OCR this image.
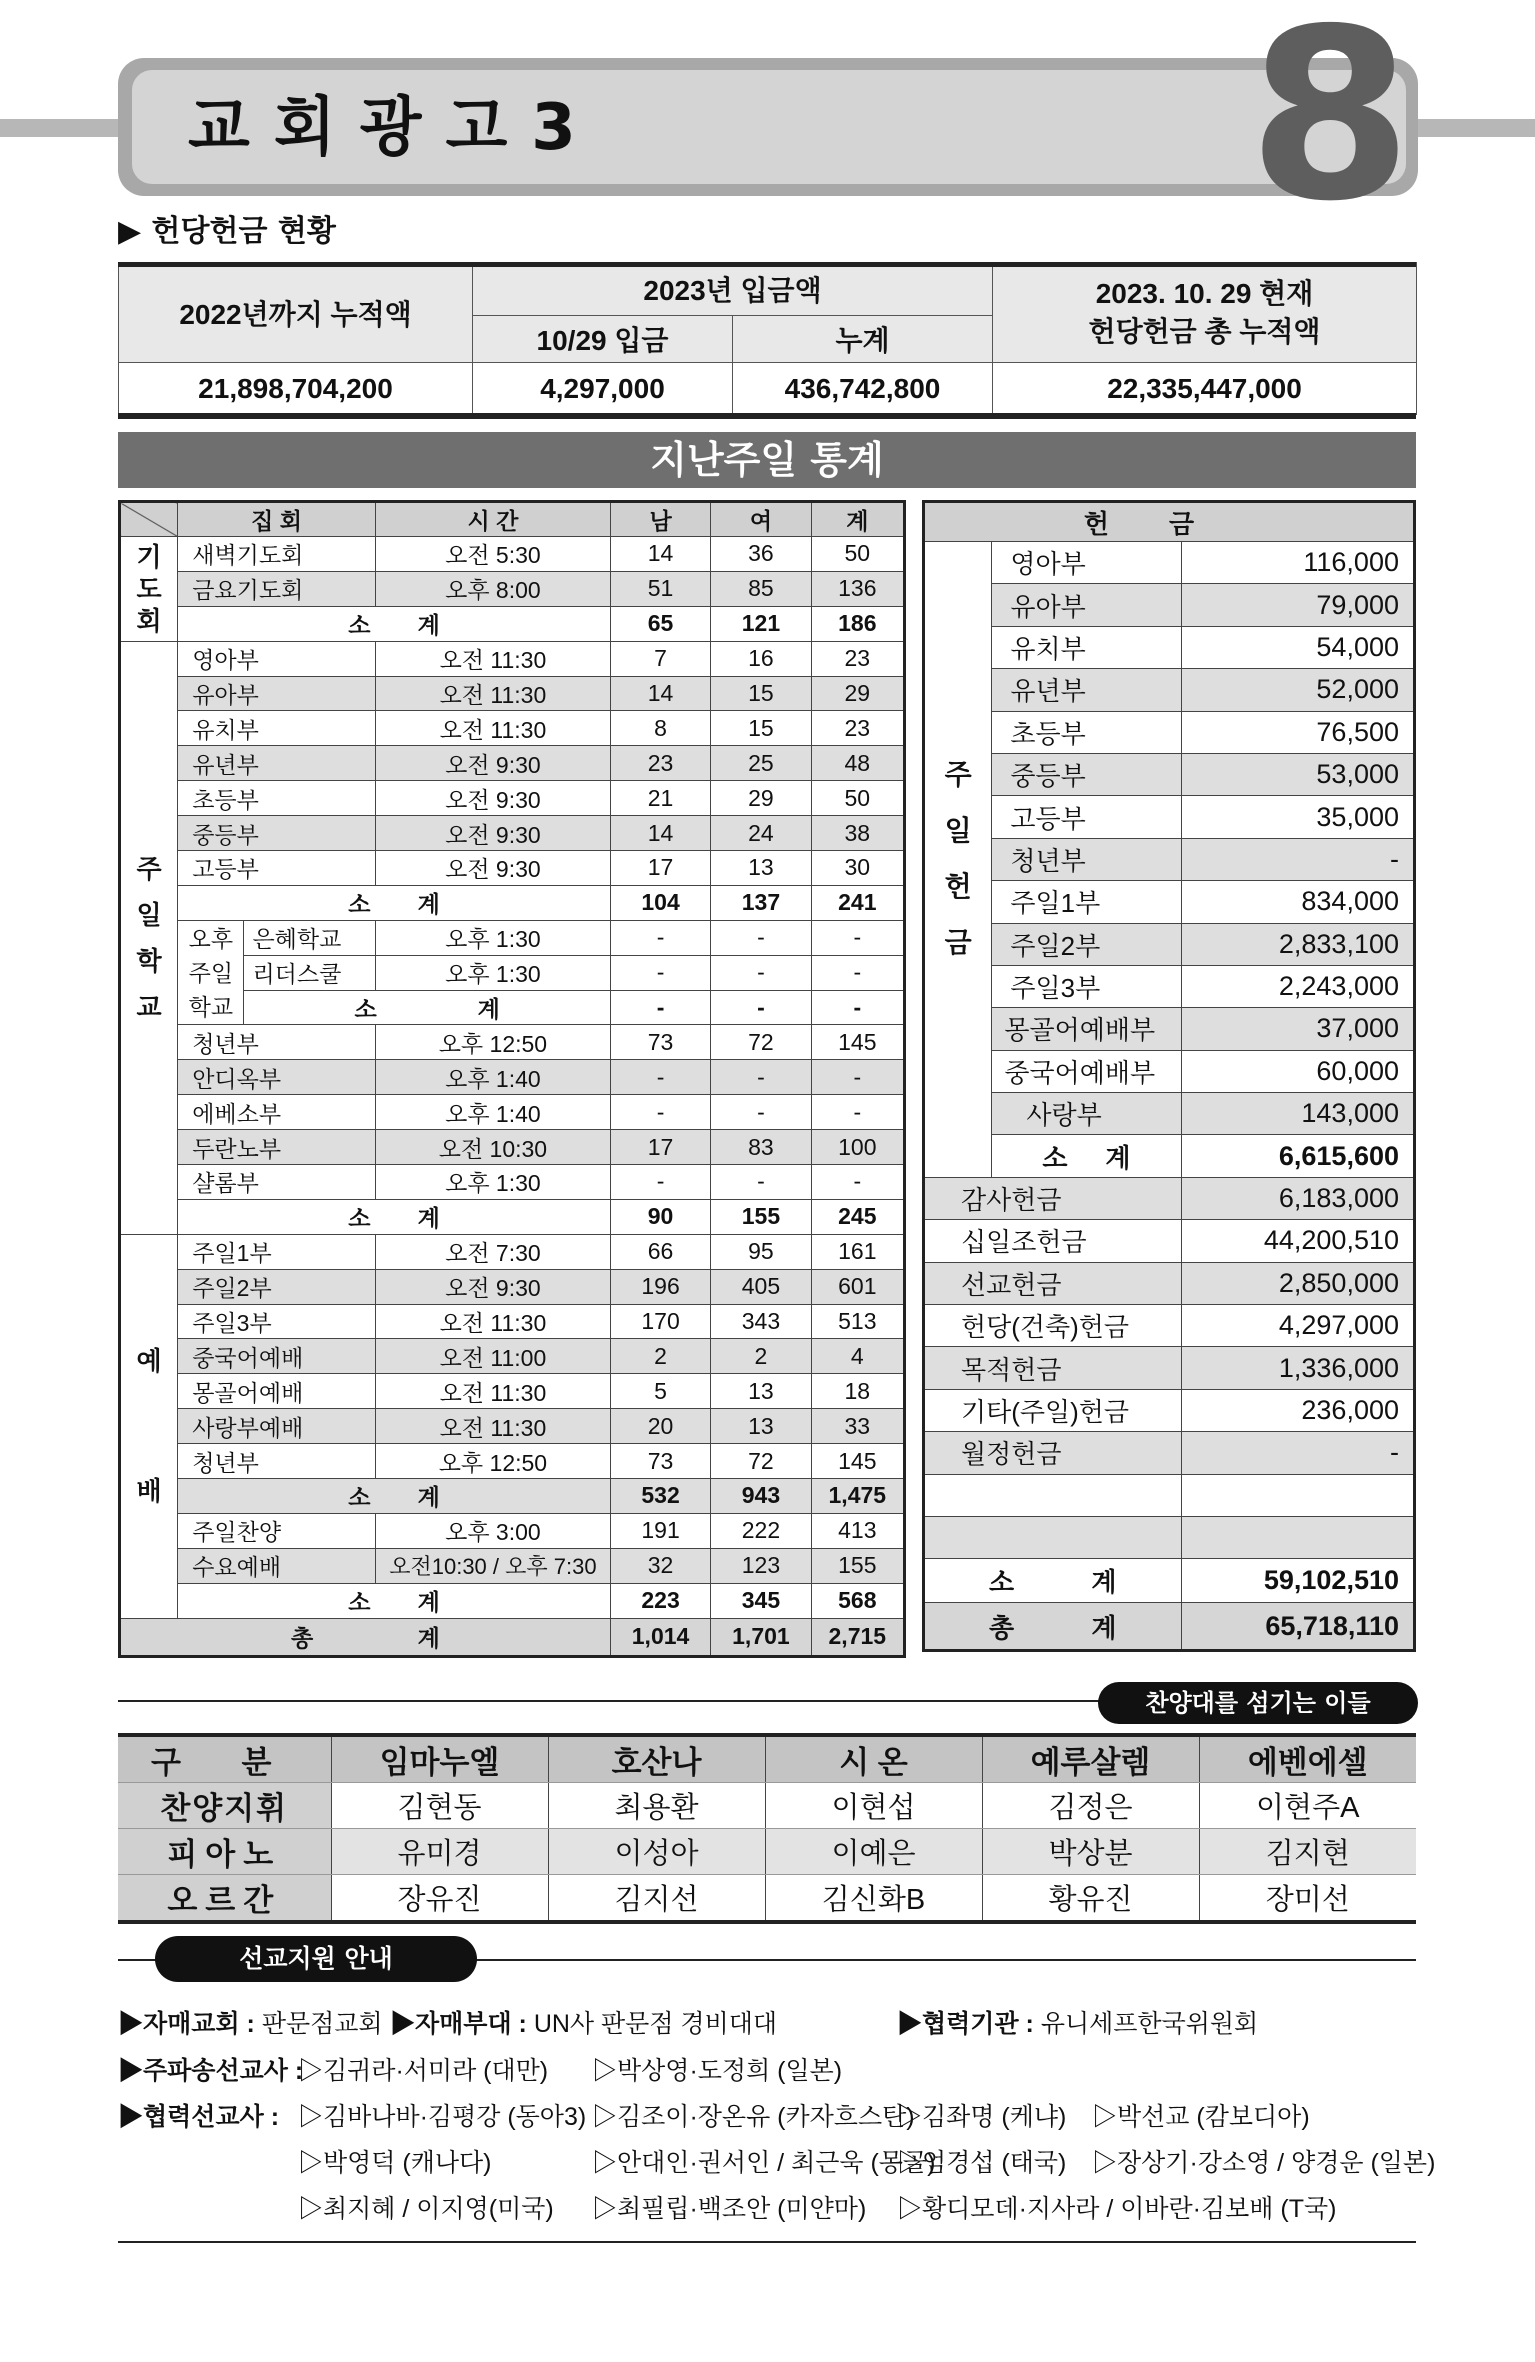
교회광고3	8
▶ 헌당헌금 현황
2022년까지 누적액	2023년 입금액		2023. 10. 29 현재
헌당헌금 총 누적액

	10/29 입금	누계	
21,898,704,200	4,297,000	436,742,800	22,335,447,000
지난주일 통계
	집 회		시 간	남	여	계

기도회	새벽기도회		오전 5:30	14	36	50
	금요기도회		오후 8:00	51	85	136
	소 계			65	121	186

주일학교	영아부		오전 11:30	7	16	23
	유아부		오전 11:30	14	15	29
	유치부		오전 11:30	8	15	23
	유년부		오전 9:30	23	25	48
	초등부		오전 9:30	21	29	50
	중등부		오전 9:30	14	24	38
	고등부		오전 9:30	17	13	30
	소 계			104	137	241

	오후주일학교	은혜학교	오후 1:30	-	-	-
		리더스쿨	오후 1:30	-	-	-
		소 계		-	-	-
	청년부		오후 12:50	73	72	145
	안디옥부		오후 1:40	-	-	-
	에베소부		오후 1:40	-	-	-
	두란노부		오전 10:30	17	83	100
	샬롬부		오후 1:30	-	-	-
	소 계			90	155	245

예배	주일1부		오전 7:30	66	95	161
	주일2부		오전 9:30	196	405	601
	주일3부		오전 11:30	170	343	513
	중국어예배		오전 11:00	2	2	4
	몽골어예배		오전 11:30	5	13	18
	사랑부예배		오전 11:30	20	13	33
	청년부		오후 12:50	73	72	145
	소 계			532	943	1,475
	주일찬양		오후 3:00	191	222	413
	수요예배		오전10:30 / 오후 7:30	32	123	155
	소 계			223	345	568
총 계				1,014	1,701	2,715
헌금		

주일헌금	영아부	116,000
	유아부	79,000
	유치부	54,000
	유년부	52,000
	초등부	76,500
	중등부	53,000
	고등부	35,000
	청년부	-
	주일1부	834,000
	주일2부	2,833,100
	주일3부	2,243,000
	몽골어예배부	37,000
	중국어예배부	60,000
	사랑부	143,000
	소 계	6,615,600
감사헌금		6,183,000
십일조헌금		44,200,510
선교헌금		2,850,000
헌당(건축)헌금		4,297,000
목적헌금		1,336,000
기타(주일)헌금		236,000
월정헌금		-

소 계		59,102,510
총 계		65,718,110
찬양대를 섬기는 이들
구 분	임마누엘	호산나	시 온	예루살렘	에벤에셀
찬양지휘	김현동	최용환	이현섭	김정은	이현주A
피아노	유미경	이성아	이예은	박상분	김지현
오르간	장유진	김지선	김신화B	황유진	장미선
선교지원 안내
▶자매교회 : 판문점교회 ▶자매부대 : UN사 판문점 경비대대	▶협력기관 : 유니세프한국위원회
▶주파송선교사 :
▷김귀라·서미라 (대만) ▷박상영·도정희 (일본)
▶협력선교사 : ▷김바나바·김평강 (동아3) ▷김조이·장온유 (카자흐스탄)
▷김좌명 (케냐) ▷박선교 (캄보디아)
▷박영덕 (캐나다)	▷안대인·권서인 / 최근욱 (몽골)
▷엄경섭 (태국) ▷장상기·강소영 / 양경운 (일본)
▷최지혜 / 이지영(미국) ▷최필립·백조안 (미얀마) ▷황디모데·지사라 / 이바란·김보배 (T국)
